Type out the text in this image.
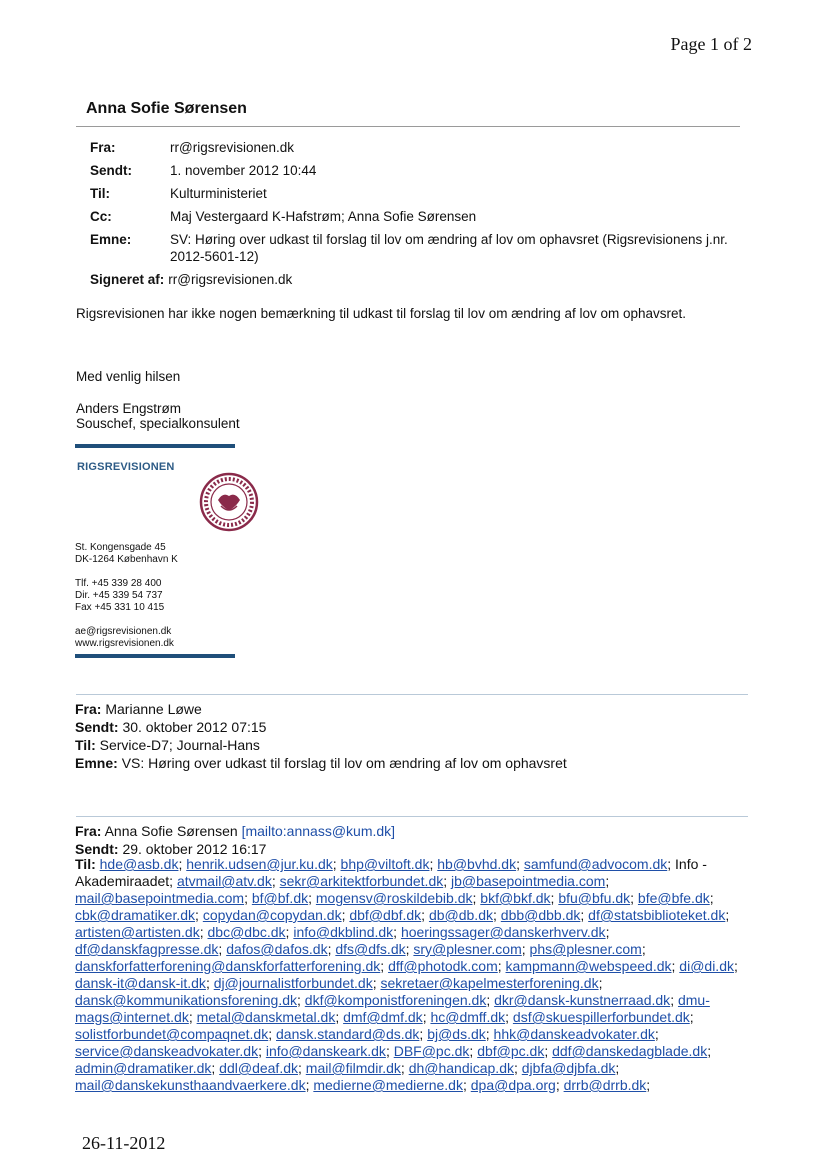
Page 1 of 2
Anna Sofie Sørensen
Fra:	rr@rigsrevisionen.dk
Sendt:	1. november 2012 10:44
Til:	Kulturministeriet
Cc:	Maj Vestergaard K-Hafstrøm; Anna Sofie Sørensen
Emne:	SV: Høring over udkast til forslag til lov om ændring af lov om ophavsret (Rigsrevisionens j.nr. 2012-5601-12)
Signeret af: rr@rigsrevisionen.dk
Rigsrevisionen har ikke nogen bemærkning til udkast til forslag til lov om ændring af lov om ophavsret.
Med venlig hilsen
Anders Engstrøm
Souschef, specialkonsulent
RIGSREVISIONEN
St. Kongensgade 45
DK-1264 København K
Tlf. +45 339 28 400
Dir. +45 339 54 737
Fax +45 331 10 415
ae@rigsrevisionen.dk
www.rigsrevisionen.dk
Fra: Marianne Løwe
Sendt: 30. oktober 2012 07:15
Til: Service-D7; Journal-Hans
Emne: VS: Høring over udkast til forslag til lov om ændring af lov om ophavsret
Fra: Anna Sofie Sørensen [mailto:annass@kum.dk]
Sendt: 29. oktober 2012 16:17
Til: hde@asb.dk; henrik.udsen@jur.ku.dk; bhp@viltoft.dk; hb@bvhd.dk; samfund@advocom.dk; Info - Akademiraadet; atvmail@atv.dk; sekr@arkitektforbundet.dk; jb@basepointmedia.com; mail@basepointmedia.com; bf@bf.dk; mogensv@roskildebib.dk; bkf@bkf.dk; bfu@bfu.dk; bfe@bfe.dk; cbk@dramatiker.dk; copydan@copydan.dk; dbf@dbf.dk; db@db.dk; dbb@dbb.dk; df@statsbiblioteket.dk; artisten@artisten.dk; dbc@dbc.dk; info@dkblind.dk; hoeringssager@danskerhverv.dk; df@danskfagpresse.dk; dafos@dafos.dk; dfs@dfs.dk; sry@plesner.com; phs@plesner.com; danskforfatterforening@danskforfatterforening.dk; dff@photodk.com; kampmann@webspeed.dk; di@di.dk; dansk-it@dansk-it.dk; dj@journalistforbundet.dk; sekretaer@kapelmesterforening.dk; dansk@kommunikationsforening.dk; dkf@komponistforeningen.dk; dkr@dansk-kunstnerraad.dk; dmu-mags@internet.dk; metal@danskmetal.dk; dmf@dmf.dk; hc@dmff.dk; dsf@skuespillerforbundet.dk; solistforbundet@compaqnet.dk; dansk.standard@ds.dk; bj@ds.dk; hhk@danskeadvokater.dk; service@danskeadvokater.dk; info@danskeark.dk; DBF@pc.dk; dbf@pc.dk; ddf@danskedagblade.dk; admin@dramatiker.dk; ddl@deaf.dk; mail@filmdir.dk; dh@handicap.dk; djbfa@djbfa.dk; mail@danskekunsthaandvaerkere.dk; medierne@medierne.dk; dpa@dpa.org; drrb@drrb.dk;
26-11-2012
